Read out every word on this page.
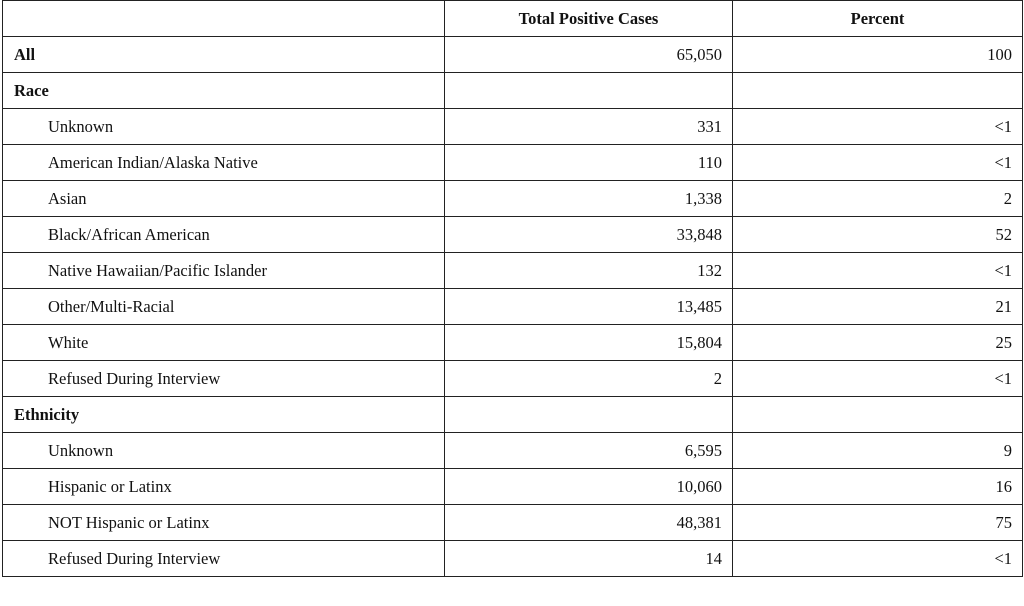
	Total Positive Cases	Percent
All	65,050	100
Race		
Unknown	331	<1
American Indian/Alaska Native	110	<1
Asian	1,338	2
Black/African American	33,848	52
Native Hawaiian/Pacific Islander	132	<1
Other/Multi-Racial	13,485	21
White	15,804	25
Refused During Interview	2	<1
Ethnicity		
Unknown	6,595	9
Hispanic or Latinx	10,060	16
NOT Hispanic or Latinx	48,381	75
Refused During Interview	14	<1
